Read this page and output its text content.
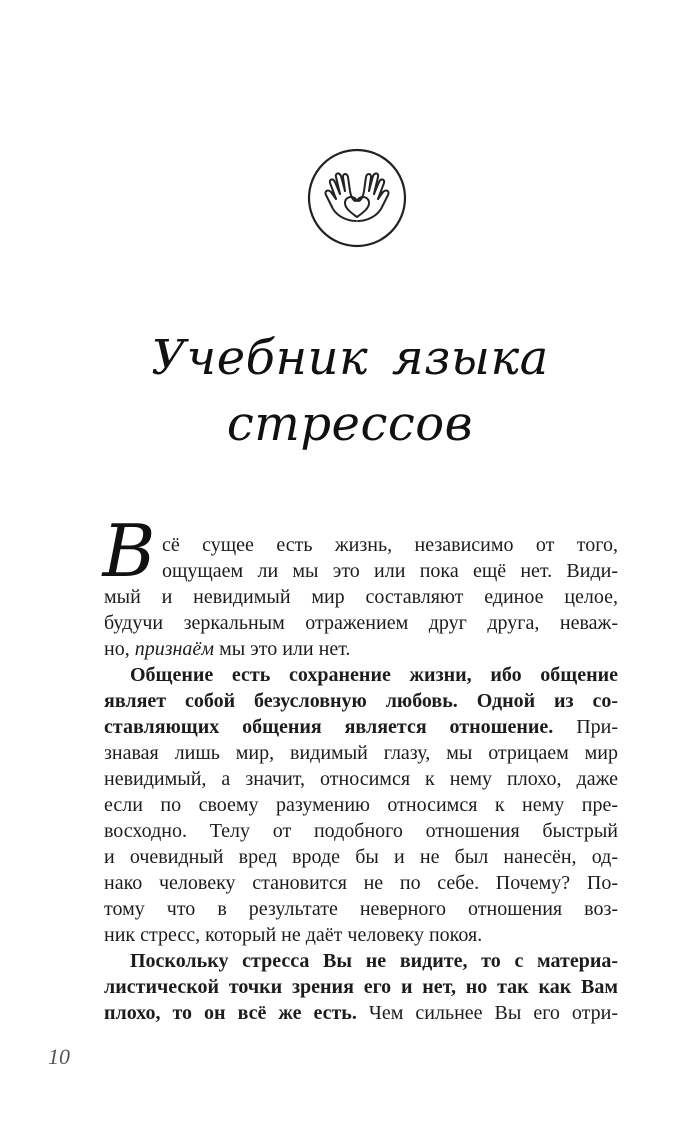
Учебник языка
стрессов
В сё сущее есть жизнь, независимо от того,
ощущаем ли мы это или пока ещё нет. Види-
мый и невидимый мир составляют единое целое,
будучи зеркальным отражением друг друга, неваж-
но, признаём мы это или нет.
Общение есть сохранение жизни, ибо общение
являет собой безусловную любовь. Одной из со-
ставляющих общения является отношение. При-
знавая лишь мир, видимый глазу, мы отрицаем мир
невидимый, а значит, относимся к нему плохо, даже
если по своему разумению относимся к нему пре-
восходно. Телу от подобного отношения быстрый
и очевидный вред вроде бы и не был нанесён, од-
нако человеку становится не по себе. Почему? По-
тому что в результате неверного отношения воз-
ник стресс, который не даёт человеку покоя.
Поскольку стресса Вы не видите, то с материа-
листической точки зрения его и нет, но так как Вам
плохо, то он всё же есть. Чем сильнее Вы его отри-
10
